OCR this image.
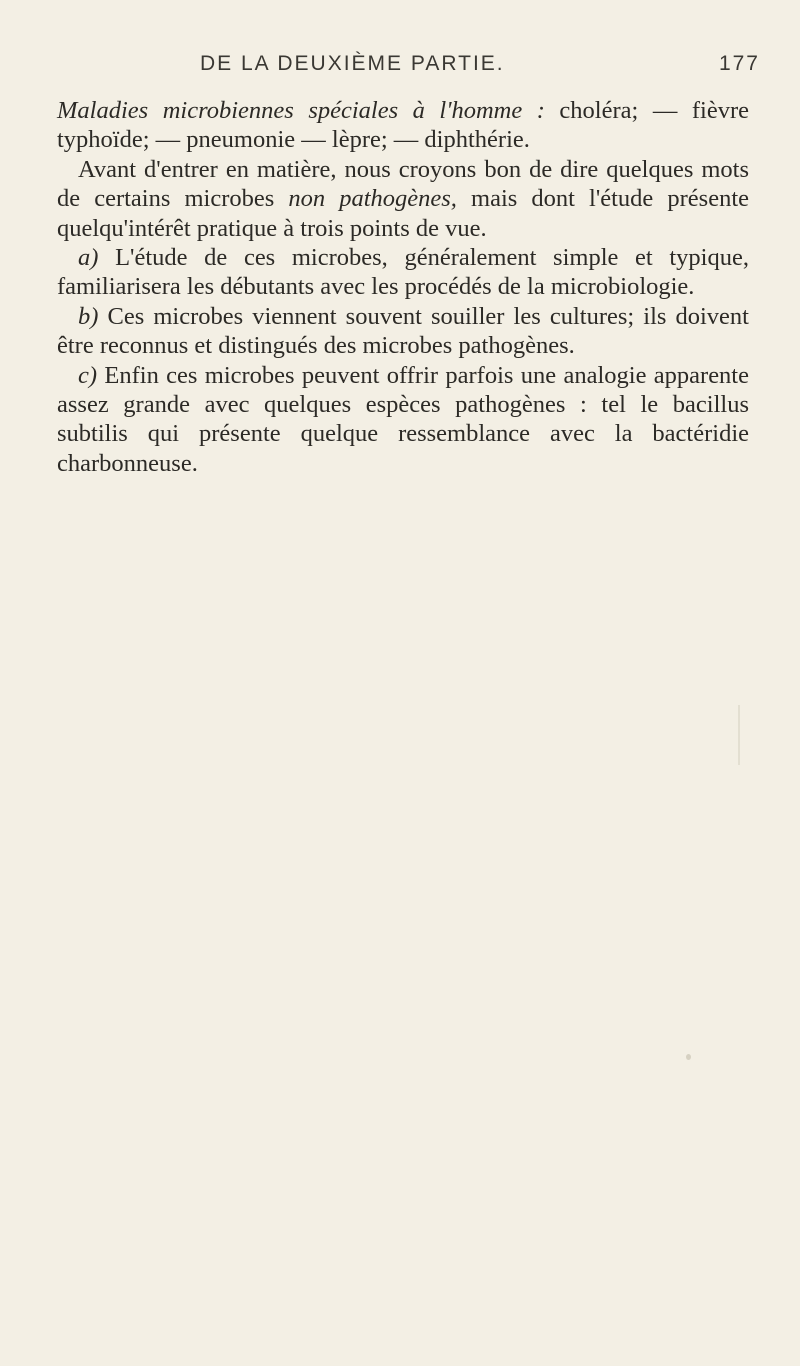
DE LA DEUXIÈME PARTIE.	177

Maladies microbiennes spéciales à l'homme : choléra; — fièvre typhoïde; — pneumonie — lèpre; — diphthérie.

Avant d'entrer en matière, nous croyons bon de dire quelques mots de certains microbes non pathogènes, mais dont l'étude présente quelqu'intérêt pratique à trois points de vue.

a) L'étude de ces microbes, généralement simple et typique, familiarisera les débutants avec les procédés de la microbiologie.

b) Ces microbes viennent souvent souiller les cultures; ils doivent être reconnus et distingués des microbes pathogènes.

c) Enfin ces microbes peuvent offrir parfois une analogie apparente assez grande avec quelques espèces pathogènes : tel le bacillus subtilis qui présente quelque ressemblance avec la bactéridie charbonneuse.
